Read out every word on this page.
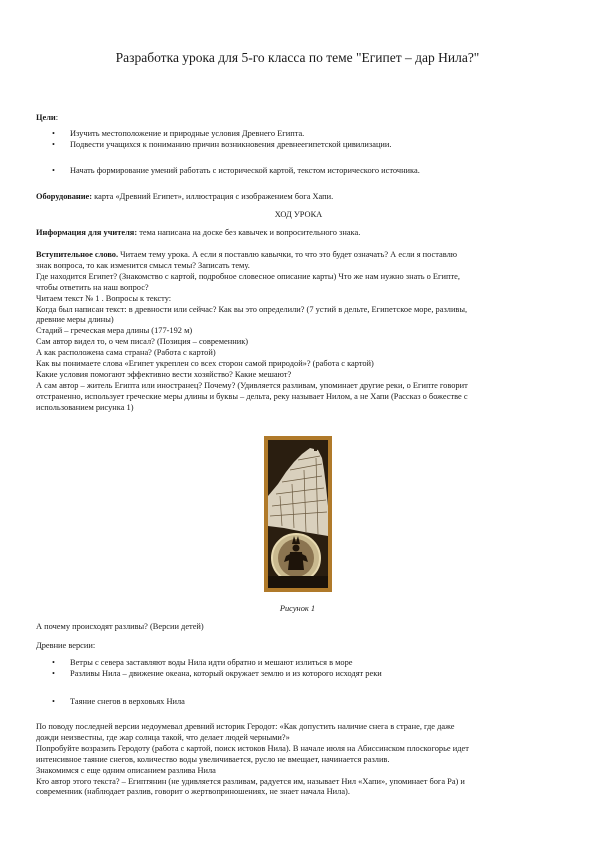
Разработка урока для 5-го класса по теме "Египет – дар Нила?"

Цели:

• Изучить местоположение и природные условия Древнего Египта.
• Подвести учащихся к пониманию причин возникновения древнеегипетской цивилизации.
• Начать формирование умений работать с исторической картой, текстом исторического источника.

Оборудование: карта «Древний Египет», иллюстрация с изображением бога Хапи.

ХОД УРОКА

Информация для учителя: тема написана на доске без кавычек и вопросительного знака.

Вступительное слово. Читаем тему урока. А если я поставлю кавычки, то что это будет означать? А если я поставлю

знак вопроса, то как изменится смысл темы? Записать тему.

Где находится Египет? (Знакомство с картой, подробное словесное описание карты) Что же нам нужно знать о Египте,

чтобы ответить на наш вопрос?

Читаем текст № 1 . Вопросы к тексту:

Когда был написан текст: в древности или сейчас? Как вы это определили? (7 устий в дельте, Египетское море, разливы,

древние меры длины)

Стадий – греческая мера длины (177-192 м)

Сам автор видел то, о чем писал? (Позиция – современник)

А как расположена сама страна? (Работа с картой)

Как вы понимаете слова «Египет укреплен со всех сторон самой природой»? (работа с картой)

Какие условия помогают эффективно вести хозяйство? Какие мешают?

А сам автор – житель Египта или иностранец? Почему? (Удивляется разливам, упоминает другие реки, о Египте говорит

отстраненно, использует греческие меры длины и буквы – дельта, реку называет Нилом, а не Хапи (Рассказ о божестве с

использованием рисунка 1)

Рисунок 1
А почему происходят разливы? (Версии детей)
Древние версии:
• Ветры с севера заставляют воды Нила идти обратно и мешают излиться в море
• Разливы Нила – движение океана, который окружает землю и из которого исходят реки
• Таяние снегов в верховьях Нила

По поводу последней версии недоумевал древний историк Геродот: «Как допустить наличие снега в стране, где даже

дожди неизвестны, где жар солнца такой, что делает людей черными?»

Попробуйте возразить Геродоту (работа с картой, поиск истоков Нила). В начале июля на Абиссинском плоскогорье идет

интенсивное таяние снегов, количество воды увеличивается, русло не вмещает, начинается разлив.

Знакомимся с еще одним описанием разлива Нила

Кто автор этого текста? – Египтянин (не удивляется разливам, радуется им, называет Нил «Хапи», упоминает бога Ра) и

современник (наблюдает разлив, говорит о жертвоприношениях, не знает начала Нила).
